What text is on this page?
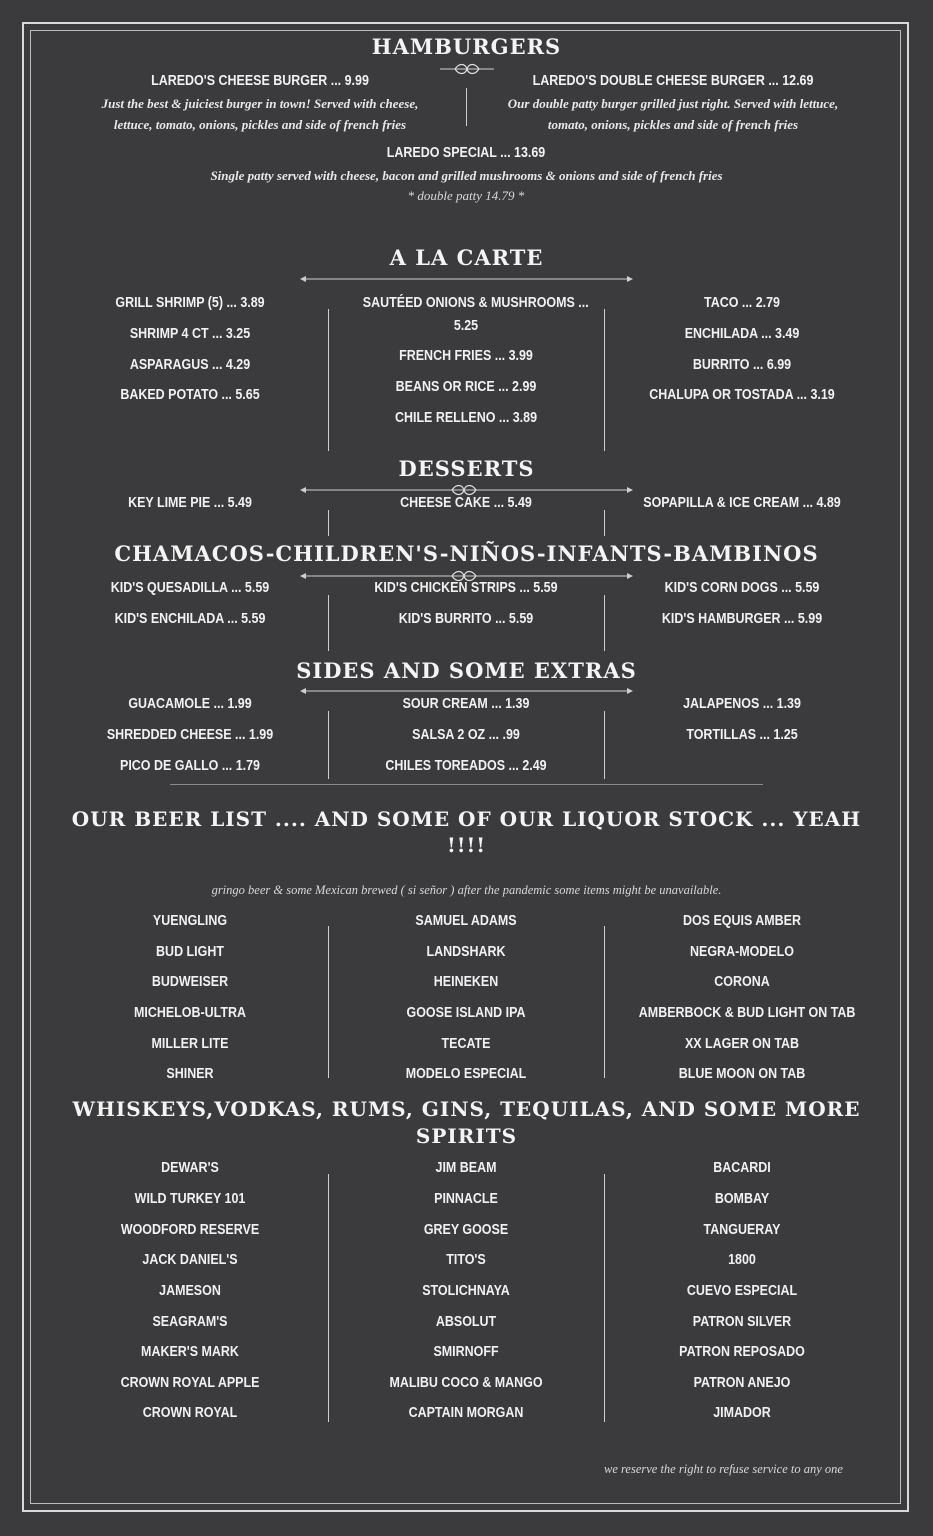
HAMBURGERS
LAREDO'S CHEESE BURGER ... 9.99
Just the best & juiciest burger in town! Served with cheese,
lettuce, tomato, onions, pickles and side of french fries
LAREDO'S DOUBLE CHEESE BURGER ... 12.69
Our double patty burger grilled just right. Served with lettuce,
tomato, onions, pickles and side of french fries
LAREDO SPECIAL ... 13.69
Single patty served with cheese, bacon and grilled mushrooms & onions and side of french fries
* double patty 14.79 *
A LA CARTE
GRILL SHRIMP (5) ... 3.89
SHRIMP 4 CT ... 3.25
ASPARAGUS ... 4.29
BAKED POTATO ... 5.65
SAUTÉED ONIONS & MUSHROOMS ...
5.25
FRENCH FRIES ... 3.99
BEANS OR RICE ... 2.99
CHILE RELLENO ... 3.89
TACO ... 2.79
ENCHILADA ... 3.49
BURRITO ... 6.99
CHALUPA OR TOSTADA ... 3.19
DESSERTS
KEY LIME PIE ... 5.49	CHEESE CAKE ... 5.49	SOPAPILLA & ICE CREAM ... 4.89
CHAMACOS-CHILDREN'S-NIÑOS-INFANTS-BAMBINOS
KID'S QUESADILLA ... 5.59
KID'S ENCHILADA ... 5.59
KID'S CHICKEN STRIPS ... 5.59
KID'S BURRITO ... 5.59
KID'S CORN DOGS ... 5.59
KID'S HAMBURGER ... 5.99
SIDES AND SOME EXTRAS
GUACAMOLE ... 1.99
SHREDDED CHEESE ... 1.99
PICO DE GALLO ... 1.79
SOUR CREAM ... 1.39
SALSA 2 OZ ... .99
CHILES TOREADOS ... 2.49
JALAPENOS ... 1.39
TORTILLAS ... 1.25
OUR BEER LIST .... AND SOME OF OUR LIQUOR STOCK ... YEAH
!!!!
gringo beer & some Mexican brewed ( si señor ) after the pandemic some items might be unavailable.
YUENGLING
BUD LIGHT
BUDWEISER
MICHELOB-ULTRA
MILLER LITE
SHINER
SAMUEL ADAMS
LANDSHARK
HEINEKEN
GOOSE ISLAND IPA
TECATE
MODELO ESPECIAL
DOS EQUIS AMBER
NEGRA-MODELO
CORONA
AMBERBOCK & BUD LIGHT ON TAB
XX LAGER ON TAB
BLUE MOON ON TAB
WHISKEYS,VODKAS, RUMS, GINS, TEQUILAS, AND SOME MORE
SPIRITS
DEWAR'S
WILD TURKEY 101
WOODFORD RESERVE
JACK DANIEL'S
JAMESON
SEAGRAM'S
MAKER'S MARK
CROWN ROYAL APPLE
CROWN ROYAL
JIM BEAM
PINNACLE
GREY GOOSE
TITO'S
STOLICHNAYA
ABSOLUT
SMIRNOFF
MALIBU COCO & MANGO
CAPTAIN MORGAN
BACARDI
BOMBAY
TANGUERAY
1800
CUEVO ESPECIAL
PATRON SILVER
PATRON REPOSADO
PATRON ANEJO
JIMADOR
we reserve the right to refuse service to any one
